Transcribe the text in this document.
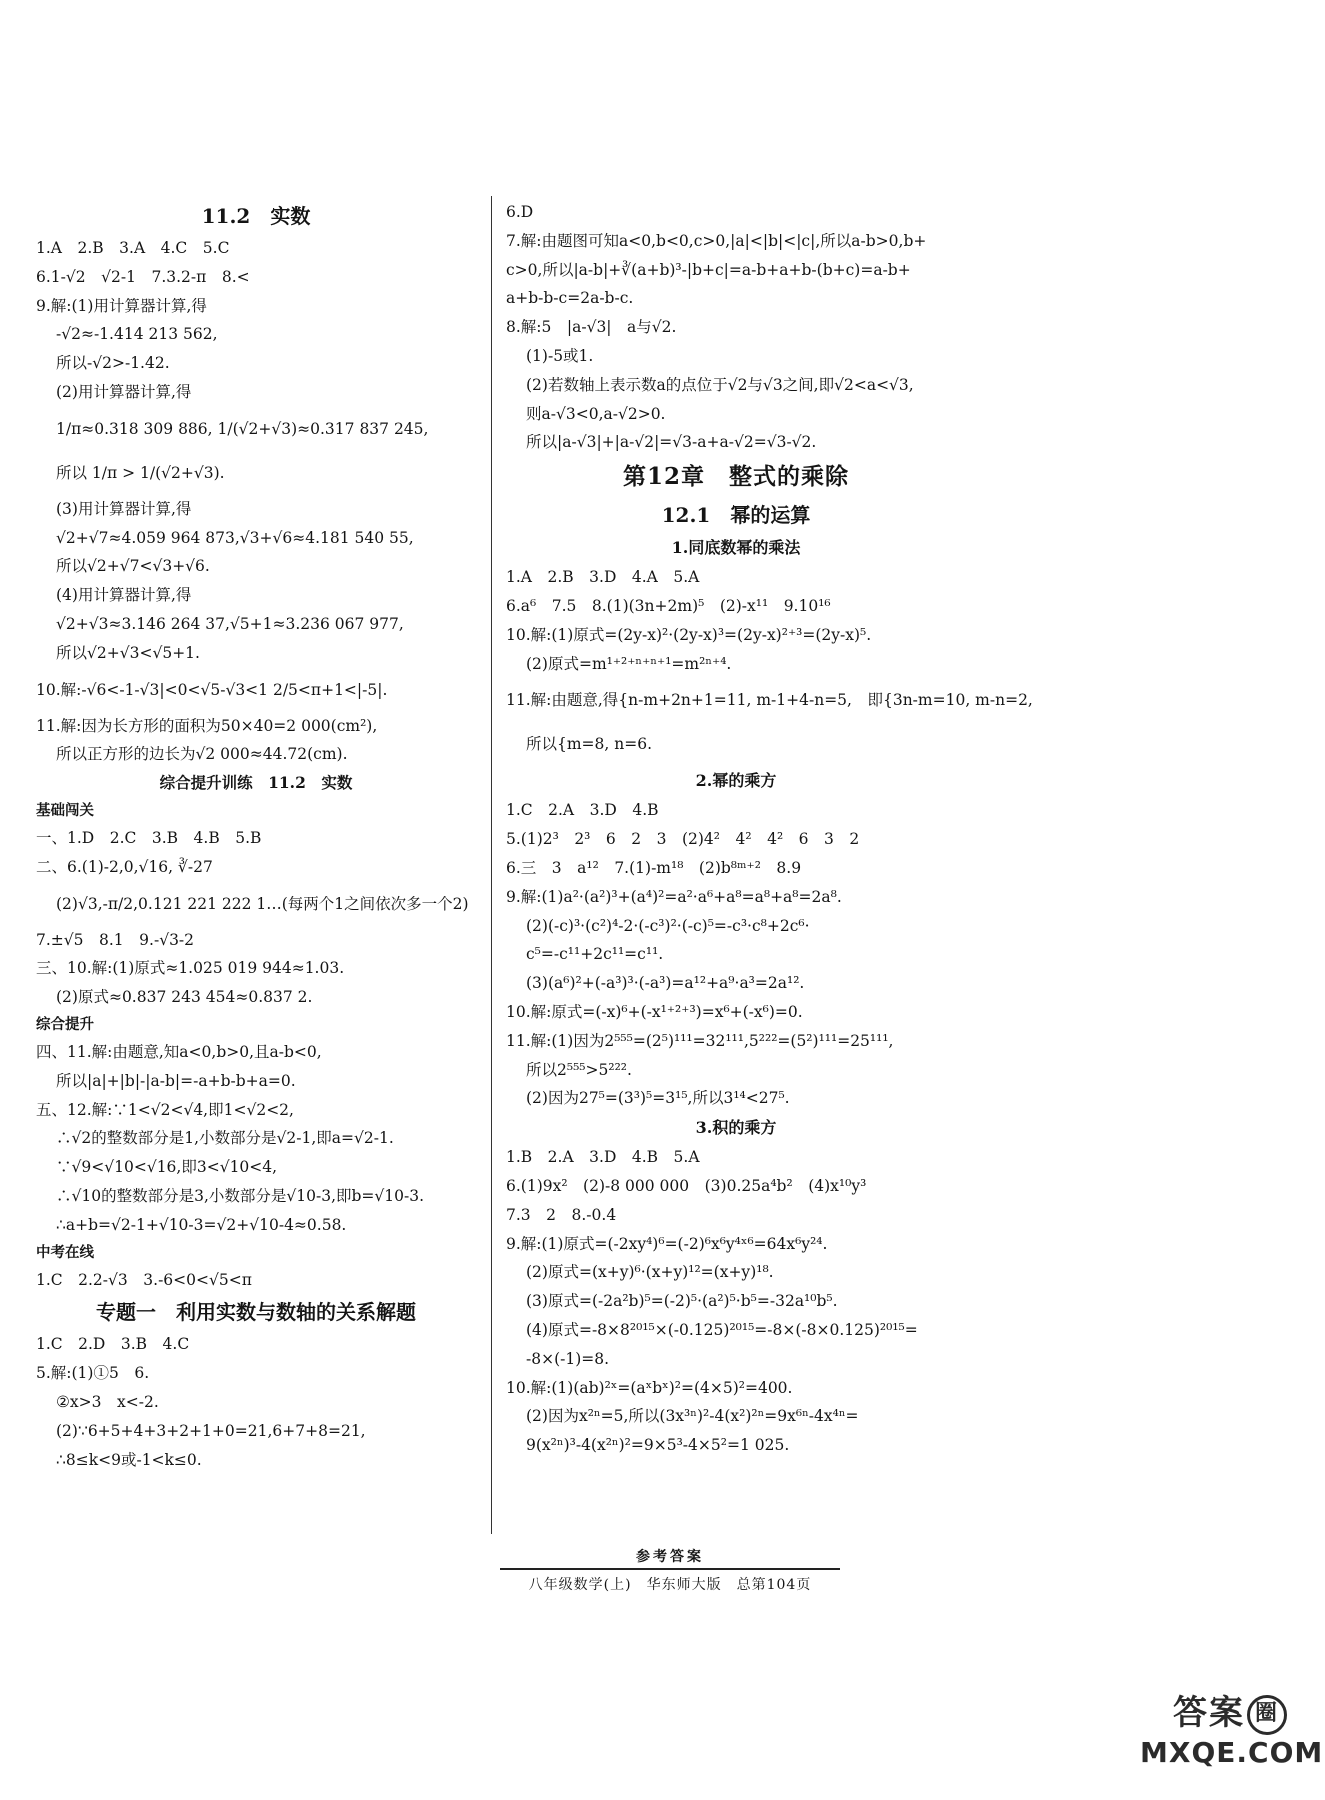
11.2　实数
1.A　2.B　3.A　4.C　5.C
6.1-√2　√2-1　7.3.2-π　8.<
9.解:(1)用计算器计算,得
-√2≈-1.414 213 562,
所以-√2>-1.42.
(2)用计算器计算,得
1/π≈0.318 309 886, 1/(√2+√3)≈0.317 837 245,
所以 1/π > 1/(√2+√3).
(3)用计算器计算,得
√2+√7≈4.059 964 873,√3+√6≈4.181 540 55,
所以√2+√7<√3+√6.
(4)用计算器计算,得
√2+√3≈3.146 264 37,√5+1≈3.236 067 977,
所以√2+√3<√5+1.
10.解:-√6<-1-√3|<0<√5-√3<1 2/5<π+1<|-5|.
11.解:因为长方形的面积为50×40=2 000(cm²),
所以正方形的边长为√2 000≈44.72(cm).
综合提升训练　11.2　实数
基础闯关
一、1.D　2.C　3.B　4.B　5.B
二、6.(1)-2,0,√16, ∛-27
(2)√3,-π/2,0.121 221 222 1…(每两个1之间依次多一个2)
7.±√5　8.1　9.-√3-2
三、10.解:(1)原式≈1.025 019 944≈1.03.
(2)原式≈0.837 243 454≈0.837 2.
综合提升
四、11.解:由题意,知a<0,b>0,且a-b<0,
所以|a|+|b|-|a-b|=-a+b-b+a=0.
五、12.解:∵1<√2<√4,即1<√2<2,
∴√2的整数部分是1,小数部分是√2-1,即a=√2-1.
∵√9<√10<√16,即3<√10<4,
∴√10的整数部分是3,小数部分是√10-3,即b=√10-3.
∴a+b=√2-1+√10-3=√2+√10-4≈0.58.
中考在线
1.C　2.2-√3　3.-6<0<√5<π
专题一　利用实数与数轴的关系解题
1.C　2.D　3.B　4.C
5.解:(1)①5　6.
②x>3　x<-2.
(2)∵6+5+4+3+2+1+0=21,6+7+8=21,
∴8≤k<9或-1<k≤0.
6.D
7.解:由题图可知a<0,b<0,c>0,|a|<|b|<|c|,所以a-b>0,b+
c>0,所以|a-b|+∛(a+b)³-|b+c|=a-b+a+b-(b+c)=a-b+
a+b-b-c=2a-b-c.
8.解:5　|a-√3|　a与√2.
(1)-5或1.
(2)若数轴上表示数a的点位于√2与√3之间,即√2<a<√3,
则a-√3<0,a-√2>0.
所以|a-√3|+|a-√2|=√3-a+a-√2=√3-√2.
第12章　整式的乘除
12.1　幂的运算
1.同底数幂的乘法
1.A　2.B　3.D　4.A　5.A
6.a⁶　7.5　8.(1)(3n+2m)⁵　(2)-x¹¹　9.10¹⁶
10.解:(1)原式=(2y-x)²·(2y-x)³=(2y-x)²⁺³=(2y-x)⁵.
(2)原式=m¹⁺²⁺ⁿ⁺ⁿ⁺¹=m²ⁿ⁺⁴.
11.解:由题意,得{n-m+2n+1=11, m-1+4-n=5,　即{3n-m=10, m-n=2,
所以{m=8, n=6.
2.幂的乘方
1.C　2.A　3.D　4.B
5.(1)2³　2³　6　2　3　(2)4²　4²　4²　6　3　2
6.三　3　a¹²　7.(1)-m¹⁸　(2)b⁸ᵐ⁺²　8.9
9.解:(1)a²·(a²)³+(a⁴)²=a²·a⁶+a⁸=a⁸+a⁸=2a⁸.
(2)(-c)³·(c²)⁴-2·(-c³)²·(-c)⁵=-c³·c⁸+2c⁶·
c⁵=-c¹¹+2c¹¹=c¹¹.
(3)(a⁶)²+(-a³)³·(-a³)=a¹²+a⁹·a³=2a¹².
10.解:原式=(-x)⁶+(-x¹⁺²⁺³)=x⁶+(-x⁶)=0.
11.解:(1)因为2⁵⁵⁵=(2⁵)¹¹¹=32¹¹¹,5²²²=(5²)¹¹¹=25¹¹¹,
所以2⁵⁵⁵>5²²².
(2)因为27⁵=(3³)⁵=3¹⁵,所以3¹⁴<27⁵.
3.积的乘方
1.B　2.A　3.D　4.B　5.A
6.(1)9x²　(2)-8 000 000　(3)0.25a⁴b²　(4)x¹⁰y³
7.3　2　8.-0.4
9.解:(1)原式=(-2xy⁴)⁶=(-2)⁶x⁶y⁴ˣ⁶=64x⁶y²⁴.
(2)原式=(x+y)⁶·(x+y)¹²=(x+y)¹⁸.
(3)原式=(-2a²b)⁵=(-2)⁵·(a²)⁵·b⁵=-32a¹⁰b⁵.
(4)原式=-8×8²⁰¹⁵×(-0.125)²⁰¹⁵=-8×(-8×0.125)²⁰¹⁵=
-8×(-1)=8.
10.解:(1)(ab)²ˣ=(aˣbˣ)²=(4×5)²=400.
(2)因为x²ⁿ=5,所以(3x³ⁿ)²-4(x²)²ⁿ=9x⁶ⁿ-4x⁴ⁿ=
9(x²ⁿ)³-4(x²ⁿ)²=9×5³-4×5²=1 025.
参考答案
八年级数学(上)　华东师大版　总第104页
答案 圈
MXQE.COM
